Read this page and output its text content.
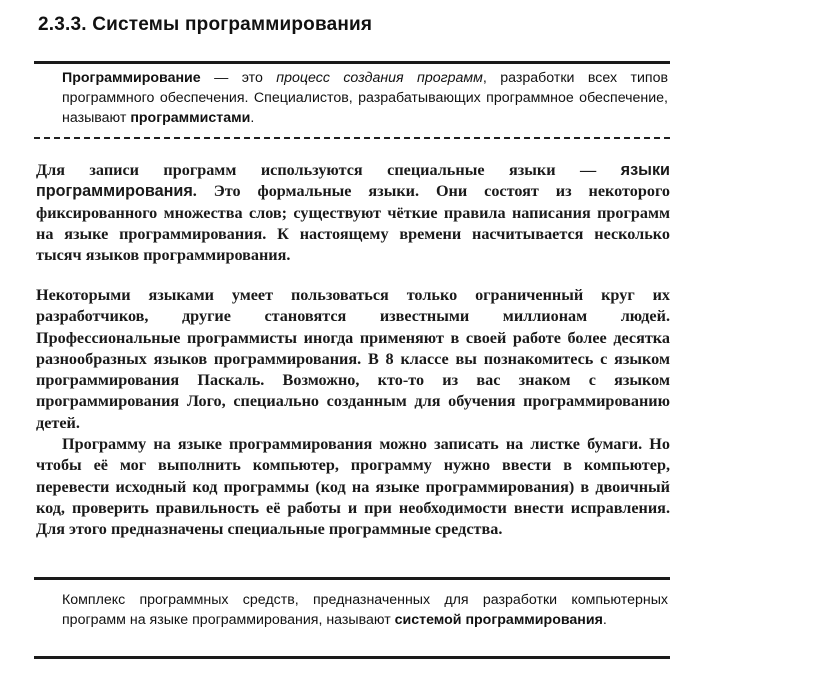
2.3.3. Системы программирования

Программирование — это процесс создания программ, разработки всех типов программного обеспечения. Специалистов, разрабатывающих программное обеспечение, называют программистами.

Для записи программ используются специальные языки — языки программирования. Это формальные языки. Они состоят из некоторого фиксированного множества слов; существуют чёткие правила написания программ на языке программирования. К настоящему времени насчитывается несколько тысяч языков программирования.

Некоторыми языками умеет пользоваться только ограниченный круг их разработчиков, другие становятся известными миллионам людей. Профессиональные программисты иногда применяют в своей работе более десятка разнообразных языков программирования. В 8 классе вы познакомитесь с языком программирования Паскаль. Возможно, кто-то из вас знаком с языком программирования Лого, специально созданным для обучения программированию детей.

Программу на языке программирования можно записать на листке бумаги. Но чтобы её мог выполнить компьютер, программу нужно ввести в компьютер, перевести исходный код программы (код на языке программирования) в двоичный код, проверить правильность её работы и при необходимости внести исправления. Для этого предназначены специальные программные средства.

Комплекс программных средств, предназначенных для разработки компьютерных программ на языке программирования, называют системой программирования.
